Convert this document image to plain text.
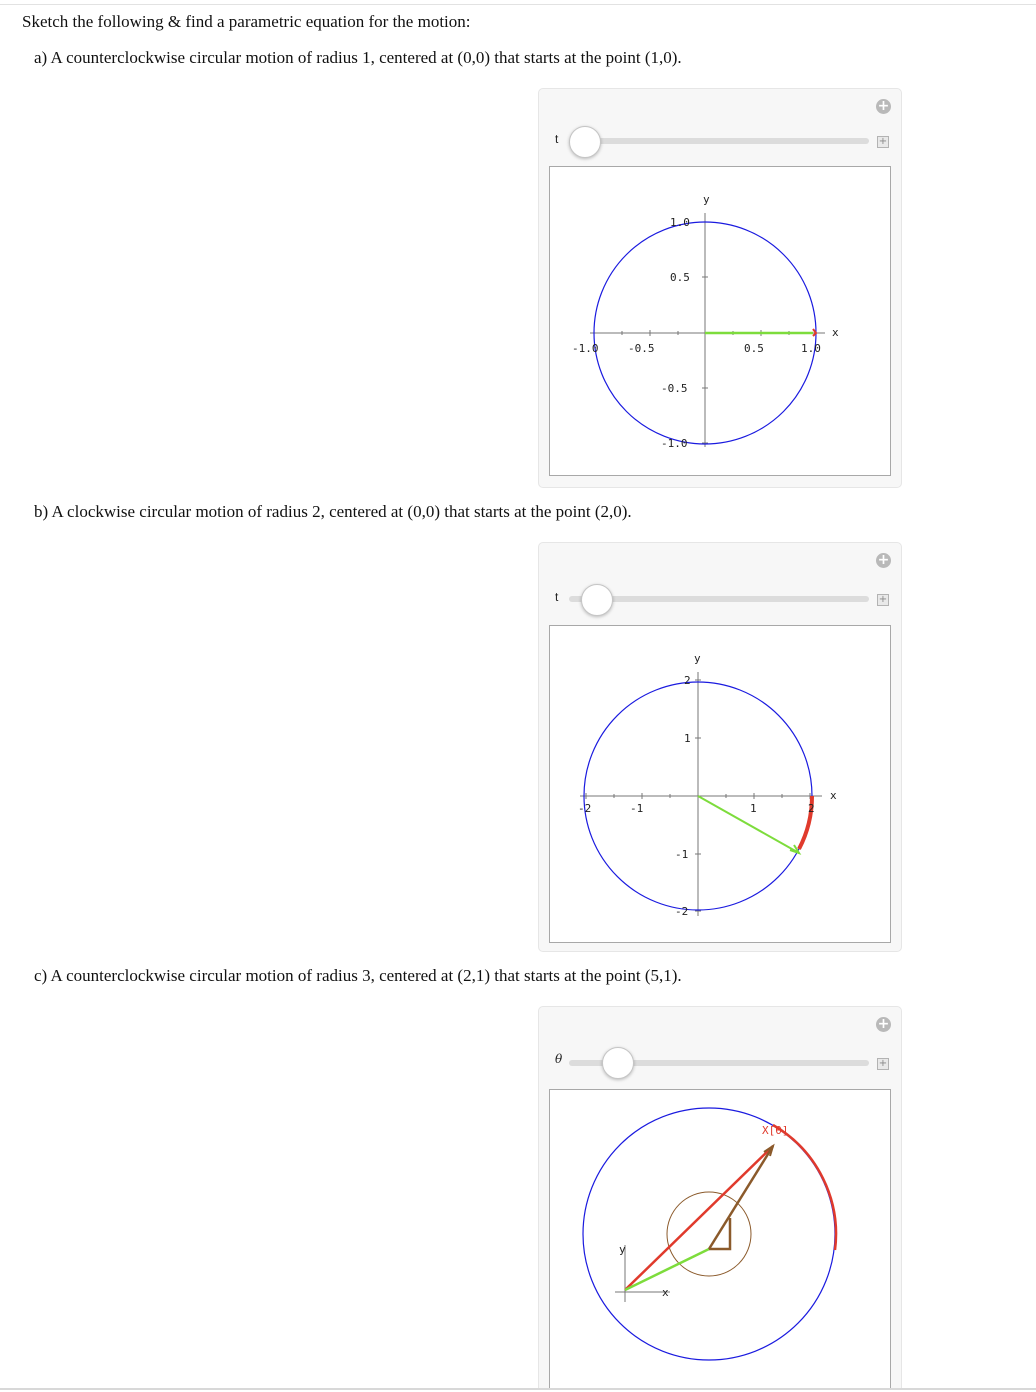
Sketch the following & find a parametric equation for the motion:
a) A counterclockwise circular motion of radius 1, centered at (0,0) that starts at the point (1,0).
+
+
t
y
x
-1.0	-0.5	0.5	1.0
1.0
0.5
-0.5
-1.0
b) A clockwise circular motion of radius 2, centered at (0,0) that starts at the point (2,0).
+
+
t
y
x
-2	-1	1	2
2
1
-1
-2
c) A counterclockwise circular motion of radius 3, centered at (2,1) that starts at the point (5,1).
+
+
θ
y
x
X[θ]
